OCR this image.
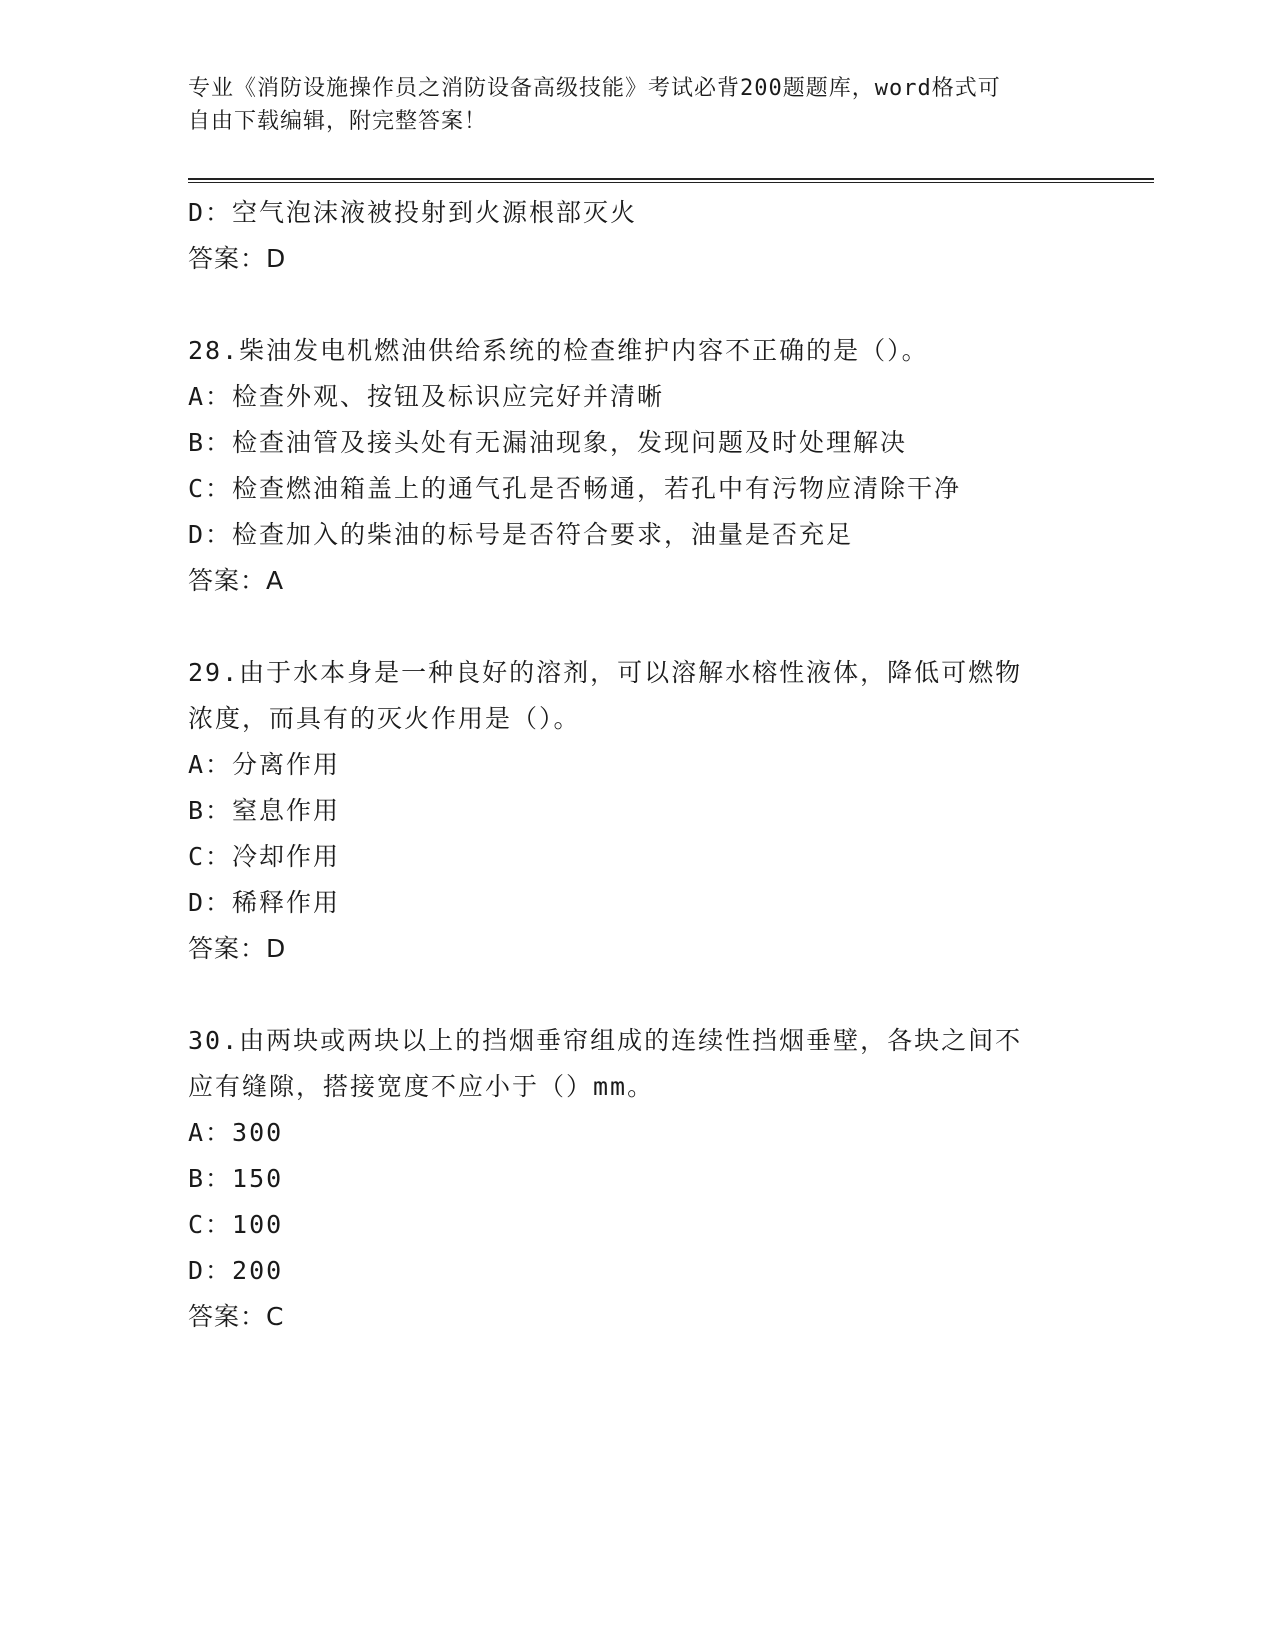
专业《消防设施操作员之消防设备高级技能》考试必背200题题库，word格式可
自由下载编辑，附完整答案！
D：空气泡沫液被投射到火源根部灭火
答案：D
28.柴油发电机燃油供给系统的检查维护内容不正确的是（）。
A：检查外观、按钮及标识应完好并清晰
B：检查油管及接头处有无漏油现象，发现问题及时处理解决
C：检查燃油箱盖上的通气孔是否畅通，若孔中有污物应清除干净
D：检查加入的柴油的标号是否符合要求，油量是否充足
答案：A
29.由于水本身是一种良好的溶剂，可以溶解水榕性液体，降低可燃物
浓度，而具有的灭火作用是（）。
A：分离作用
B：窒息作用
C：冷却作用
D：稀释作用
答案：D
30.由两块或两块以上的挡烟垂帘组成的连续性挡烟垂壁，各块之间不
应有缝隙，搭接宽度不应小于（）mm。
A：300
B：150
C：100
D：200
答案：C
